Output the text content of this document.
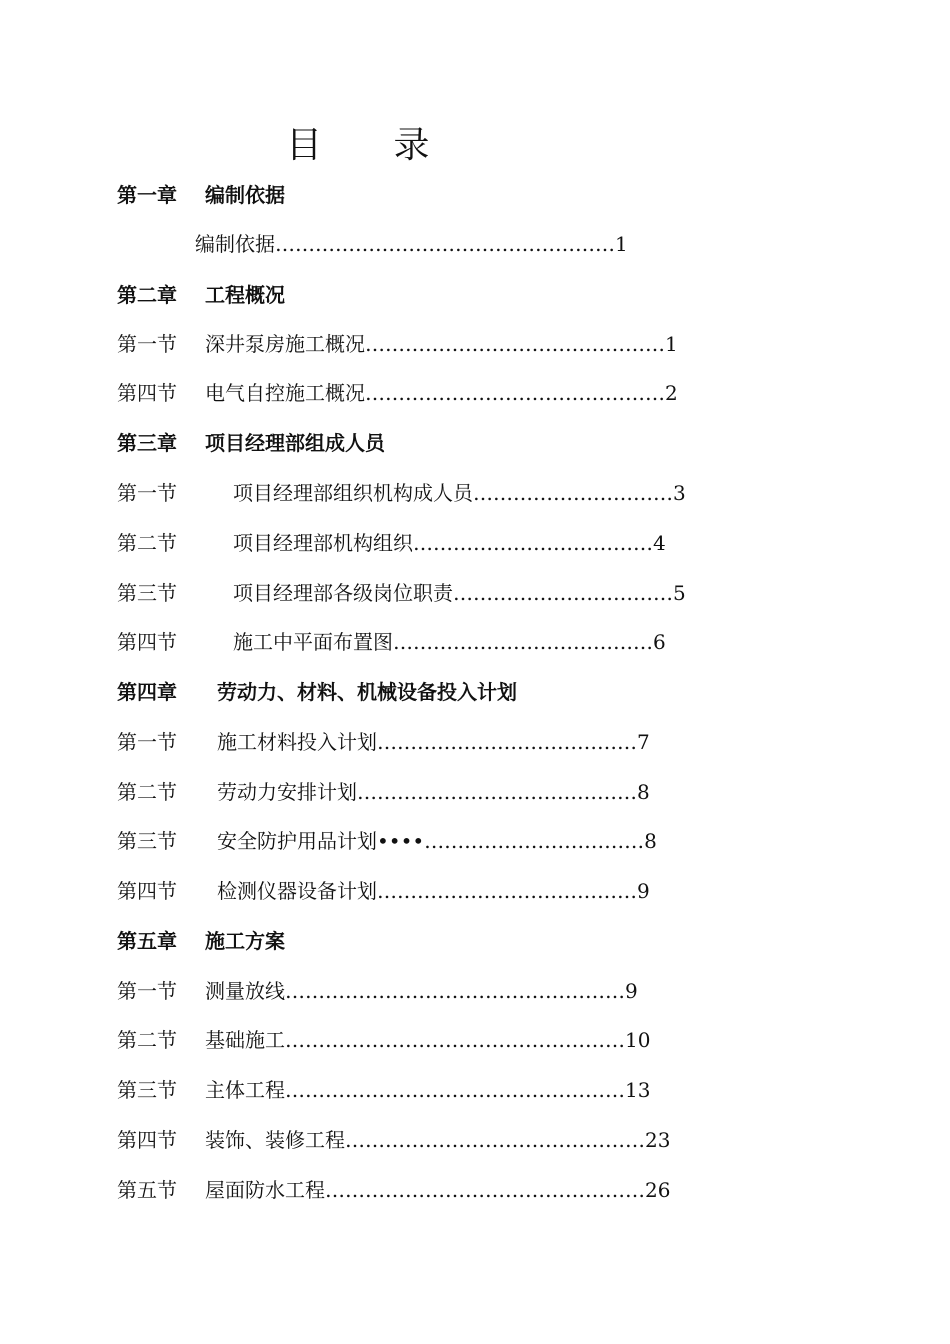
目 录
第一章 编制依据
编制依据……………………………………………1
第二章 工程概况
第一节 深井泵房施工概况………………………………………1
第四节 电气自控施工概况………………………………………2
第三章 项目经理部组成人员
第一节	项目经理部组织机构成人员…………………………3
第二节	项目经理部机构组织………………………………4
第三节	项目经理部各级岗位职责……………………………5
第四节	施工中平面布置图…………………………………6
第四章 劳动力、材料、机械设备投入计划
第一节 施工材料投入计划…………………………………7
第二节 劳动力安排计划……………………………………8
第三节 安全防护用品计划••••……………………………8
第四节 检测仪器设备计划…………………………………9
第五章 施工方案
第一节 测量放线……………………………………………9
第二节 基础施工……………………………………………10
第三节 主体工程……………………………………………13
第四节 装饰、装修工程………………………………………23
第五节 屋面防水工程…………………………………………26
